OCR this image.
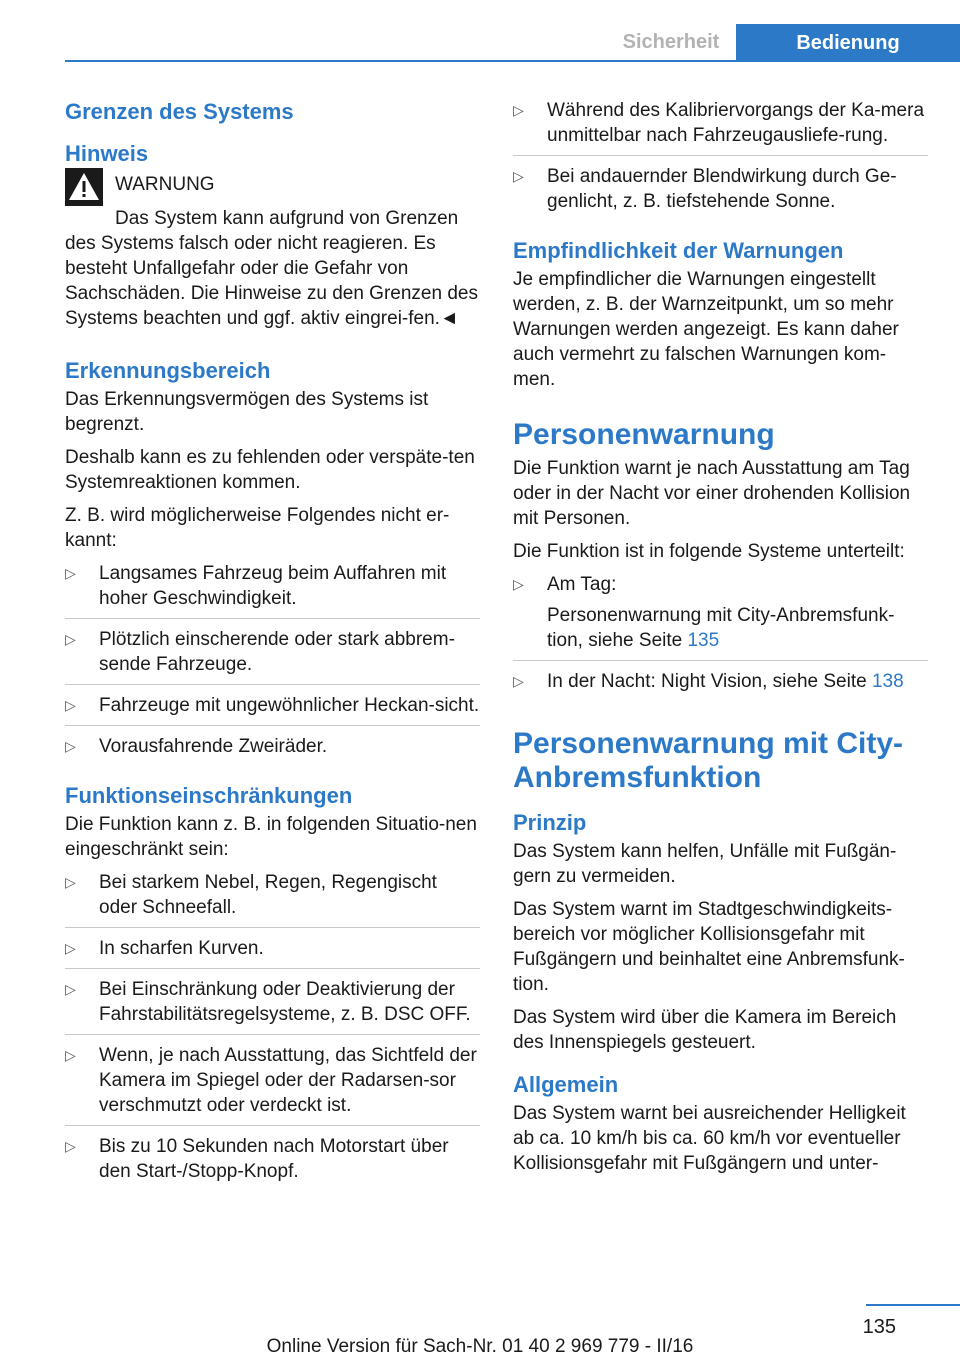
Sicherheit	Bedienung
Grenzen des Systems
Hinweis
WARNUNG

Das System kann aufgrund von Grenzen des Systems falsch oder nicht reagieren. Es besteht Unfallgefahr oder die Gefahr von Sachschäden. Die Hinweise zu den Grenzen des Systems beachten und ggf. aktiv eingrei-fen.◄

Erkennungsbereich

Das Erkennungsvermögen des Systems ist begrenzt.

Deshalb kann es zu fehlenden oder verspäte-ten Systemreaktionen kommen.

Z. B. wird möglicherweise Folgendes nicht er-kannt:

▷ Langsames Fahrzeug beim Auffahren mit hoher Geschwindigkeit.
▷ Plötzlich einscherende oder stark abbrem-sende Fahrzeuge.
▷ Fahrzeuge mit ungewöhnlicher Heckan-sicht.
▷ Vorausfahrende Zweiräder.
Funktionseinschränkungen

Die Funktion kann z. B. in folgenden Situatio-nen eingeschränkt sein:

▷ Bei starkem Nebel, Regen, Regengischt oder Schneefall.
▷ In scharfen Kurven.
▷ Bei Einschränkung oder Deaktivierung der Fahrstabilitätsregelsysteme, z. B. DSC OFF.
▷ Wenn, je nach Ausstattung, das Sichtfeld der Kamera im Spiegel oder der Radarsen-sor verschmutzt oder verdeckt ist.
▷ Bis zu 10 Sekunden nach Motorstart über den Start-/Stopp-Knopf.
▷ Während des Kalibriervorgangs der Ka-mera unmittelbar nach Fahrzeugausliefe-rung.
▷ Bei andauernder Blendwirkung durch Ge-genlicht, z. B. tiefstehende Sonne.
Empfindlichkeit der Warnungen

Je empfindlicher die Warnungen eingestellt werden, z. B. der Warnzeitpunkt, um so mehr Warnungen werden angezeigt. Es kann daher auch vermehrt zu falschen Warnungen kom-men.

Personenwarnung

Die Funktion warnt je nach Ausstattung am Tag oder in der Nacht vor einer drohenden Kollision mit Personen.

Die Funktion ist in folgende Systeme unterteilt:

▷ Am Tag:
Personenwarnung mit City-Anbremsfunk-tion, siehe Seite 135
▷ In der Nacht: Night Vision, siehe Seite 138
Personenwarnung mit City-Anbremsfunktion
Prinzip

Das System kann helfen, Unfälle mit Fußgän-gern zu vermeiden.

Das System warnt im Stadtgeschwindigkeits-bereich vor möglicher Kollisionsgefahr mit Fußgängern und beinhaltet eine Anbremsfunk-tion.

Das System wird über die Kamera im Bereich des Innenspiegels gesteuert.

Allgemein

Das System warnt bei ausreichender Helligkeit ab ca. 10 km/h bis ca. 60 km/h vor eventueller Kollisionsgefahr mit Fußgängern und unter-

135
Online Version für Sach-Nr. 01 40 2 969 779 - II/16
